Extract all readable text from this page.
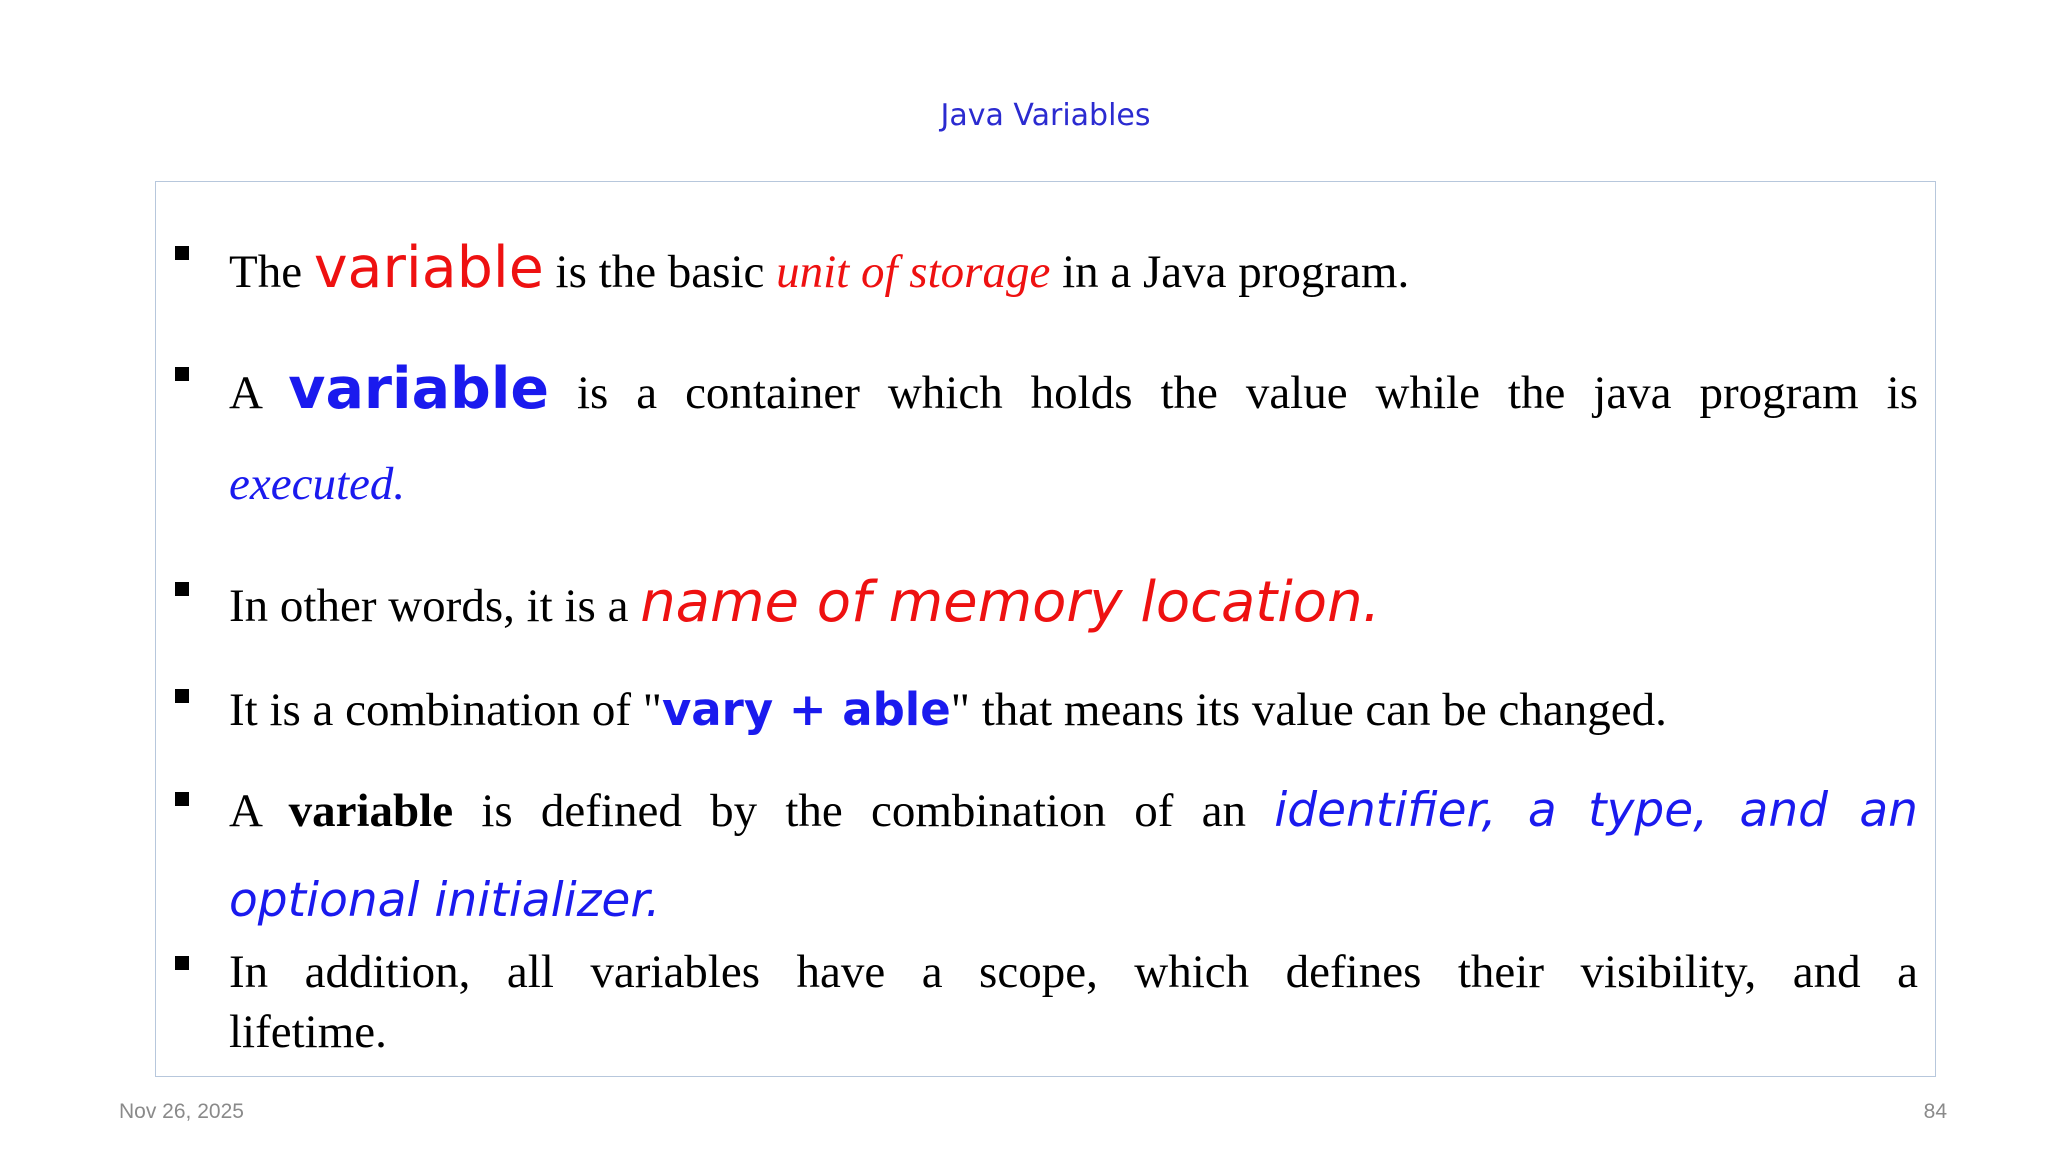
Java Variables

The variable is the basic unit of storage in a Java program.

A variable is a container which holds the value while the java program is

executed.

In other words, it is a name of memory location.

It is a combination of "vary + able" that means its value can be changed.

A variable is defined by the combination of an identifier, a type, and an

optional initializer.

In addition, all variables have a scope, which defines their visibility, and a

lifetime.

Nov 26, 2025	84
